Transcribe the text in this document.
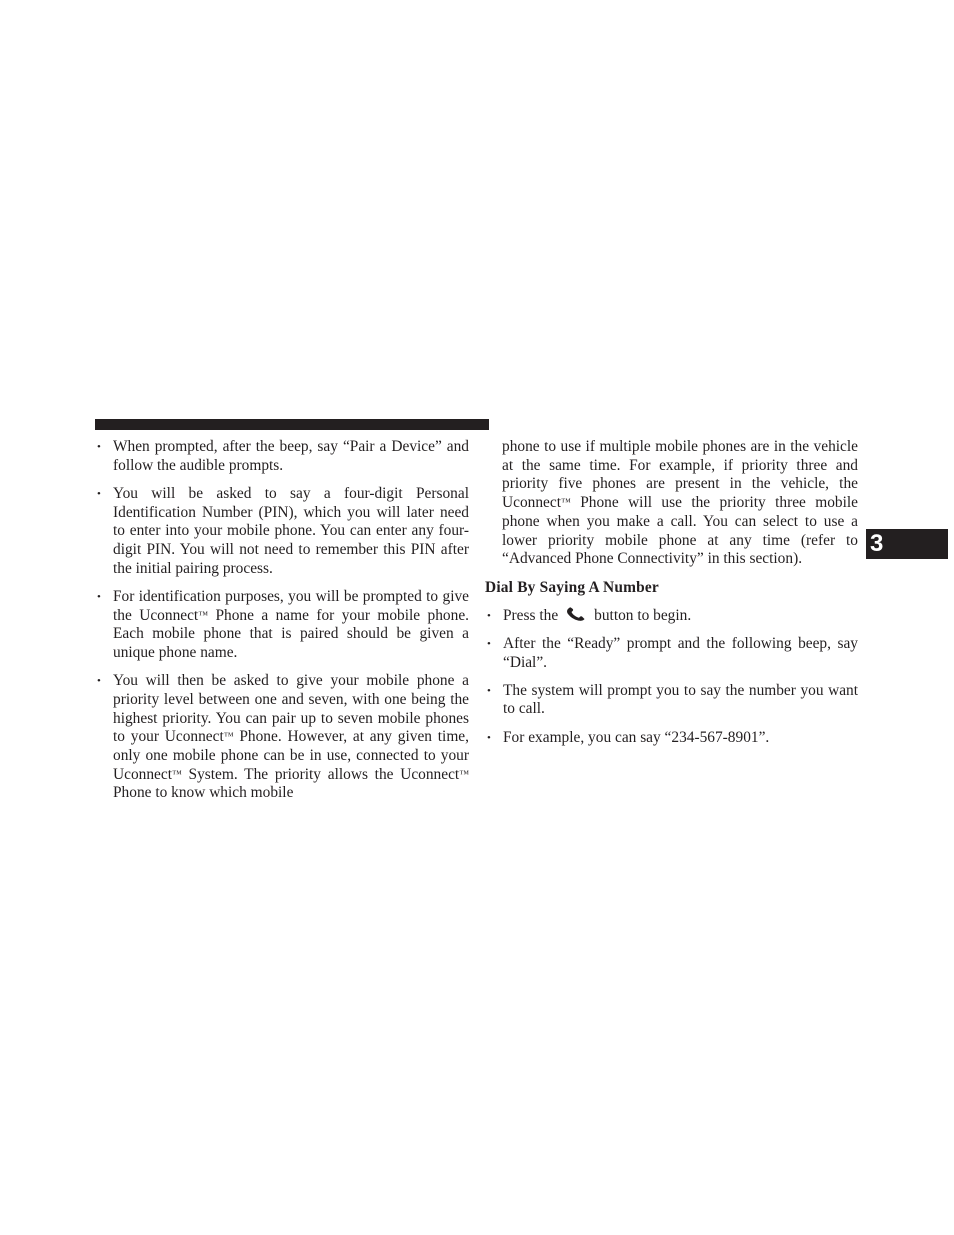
• When prompted, after the beep, say “Pair a Device” and follow the audible prompts.
• You will be asked to say a four-digit Personal Identification Number (PIN), which you will later need to enter into your mobile phone. You can enter any four-digit PIN. You will not need to remember this PIN after the initial pairing process.
• For identification purposes, you will be prompted to give the Uconnect™ Phone a name for your mobile phone. Each mobile phone that is paired should be given a unique phone name.
• You will then be asked to give your mobile phone a priority level between one and seven, with one being the highest priority. You can pair up to seven mobile phones to your Uconnect™ Phone. However, at any given time, only one mobile phone can be in use, connected to your Uconnect™ System. The priority allows the Uconnect™ Phone to know which mobile

phone to use if multiple mobile phones are in the vehicle at the same time. For example, if priority three and priority five phones are present in the vehicle, the Uconnect™ Phone will use the priority three mobile phone when you make a call. You can select to use a lower priority mobile phone at any time (refer to “Advanced Phone Connectivity” in this section).

Dial By Saying A Number
• Press the button to begin.
• After the “Ready” prompt and the following beep, say “Dial”.
• The system will prompt you to say the number you want to call.
• For example, you can say “234-567-8901”.
3
